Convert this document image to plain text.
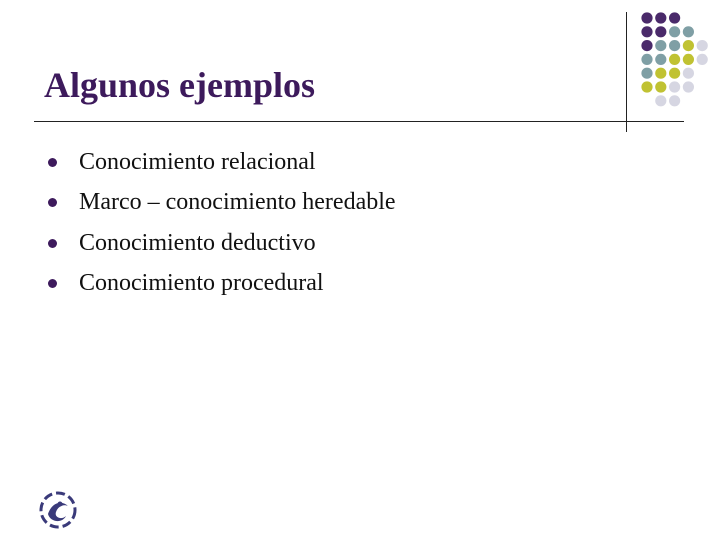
Algunos ejemplos
Conocimiento relacional
Marco – conocimiento heredable
Conocimiento deductivo
Conocimiento procedural
